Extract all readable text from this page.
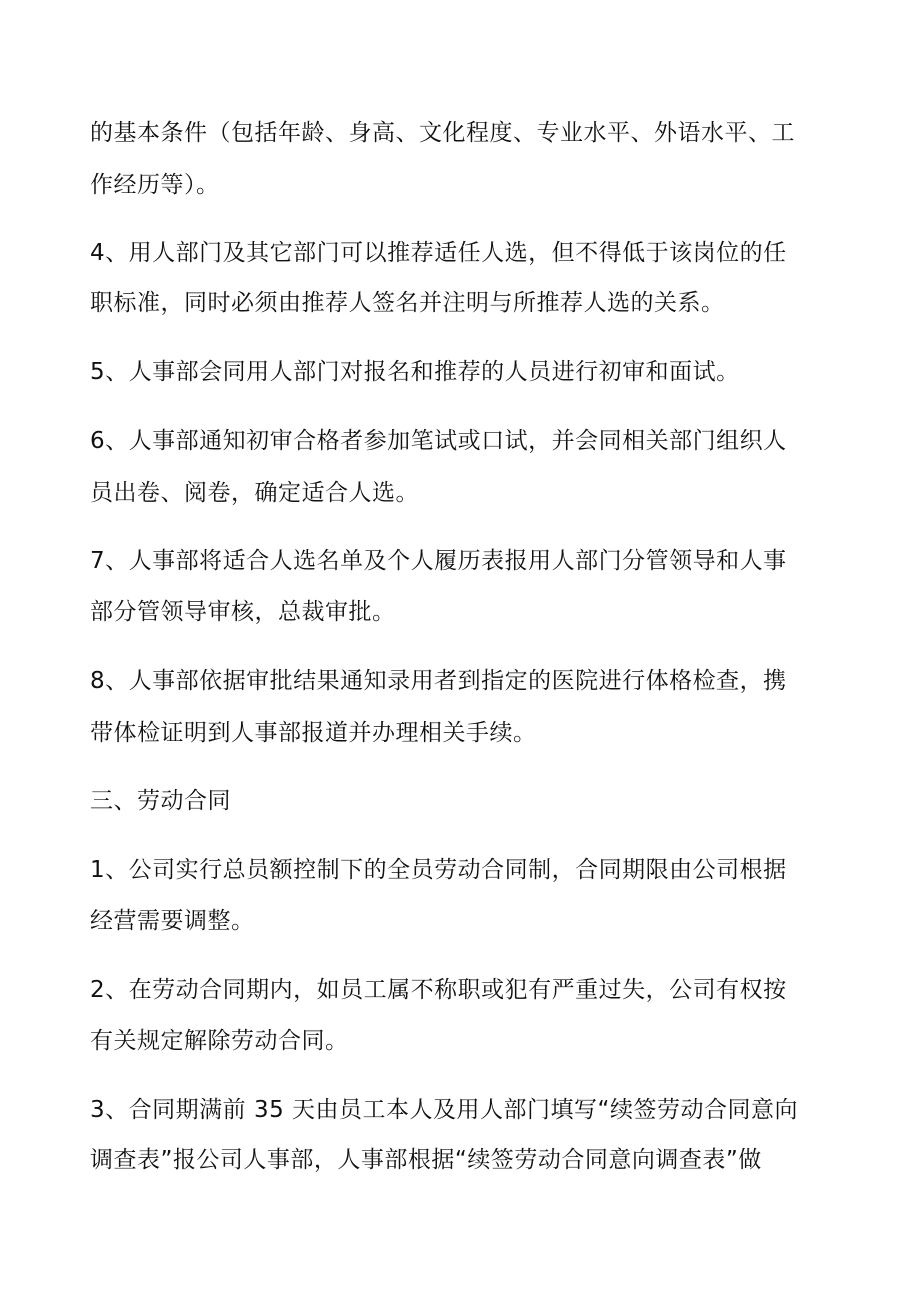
的基本条件（包括年龄、身高、文化程度、专业水平、外语水平、工

作经历等）。

4、用人部门及其它部门可以推荐适任人选，但不得低于该岗位的任

职标准，同时必须由推荐人签名并注明与所推荐人选的关系。

5、人事部会同用人部门对报名和推荐的人员进行初审和面试。

6、人事部通知初审合格者参加笔试或口试，并会同相关部门组织人

员出卷、阅卷，确定适合人选。

7、人事部将适合人选名单及个人履历表报用人部门分管领导和人事

部分管领导审核，总裁审批。

8、人事部依据审批结果通知录用者到指定的医院进行体格检查，携

带体检证明到人事部报道并办理相关手续。

三、劳动合同

1、公司实行总员额控制下的全员劳动合同制，合同期限由公司根据

经营需要调整。

2、在劳动合同期内，如员工属不称职或犯有严重过失，公司有权按

有关规定解除劳动合同。

3、合同期满前 35 天由员工本人及用人部门填写“续签劳动合同意向

调查表”报公司人事部，人事部根据“续签劳动合同意向调查表”做
